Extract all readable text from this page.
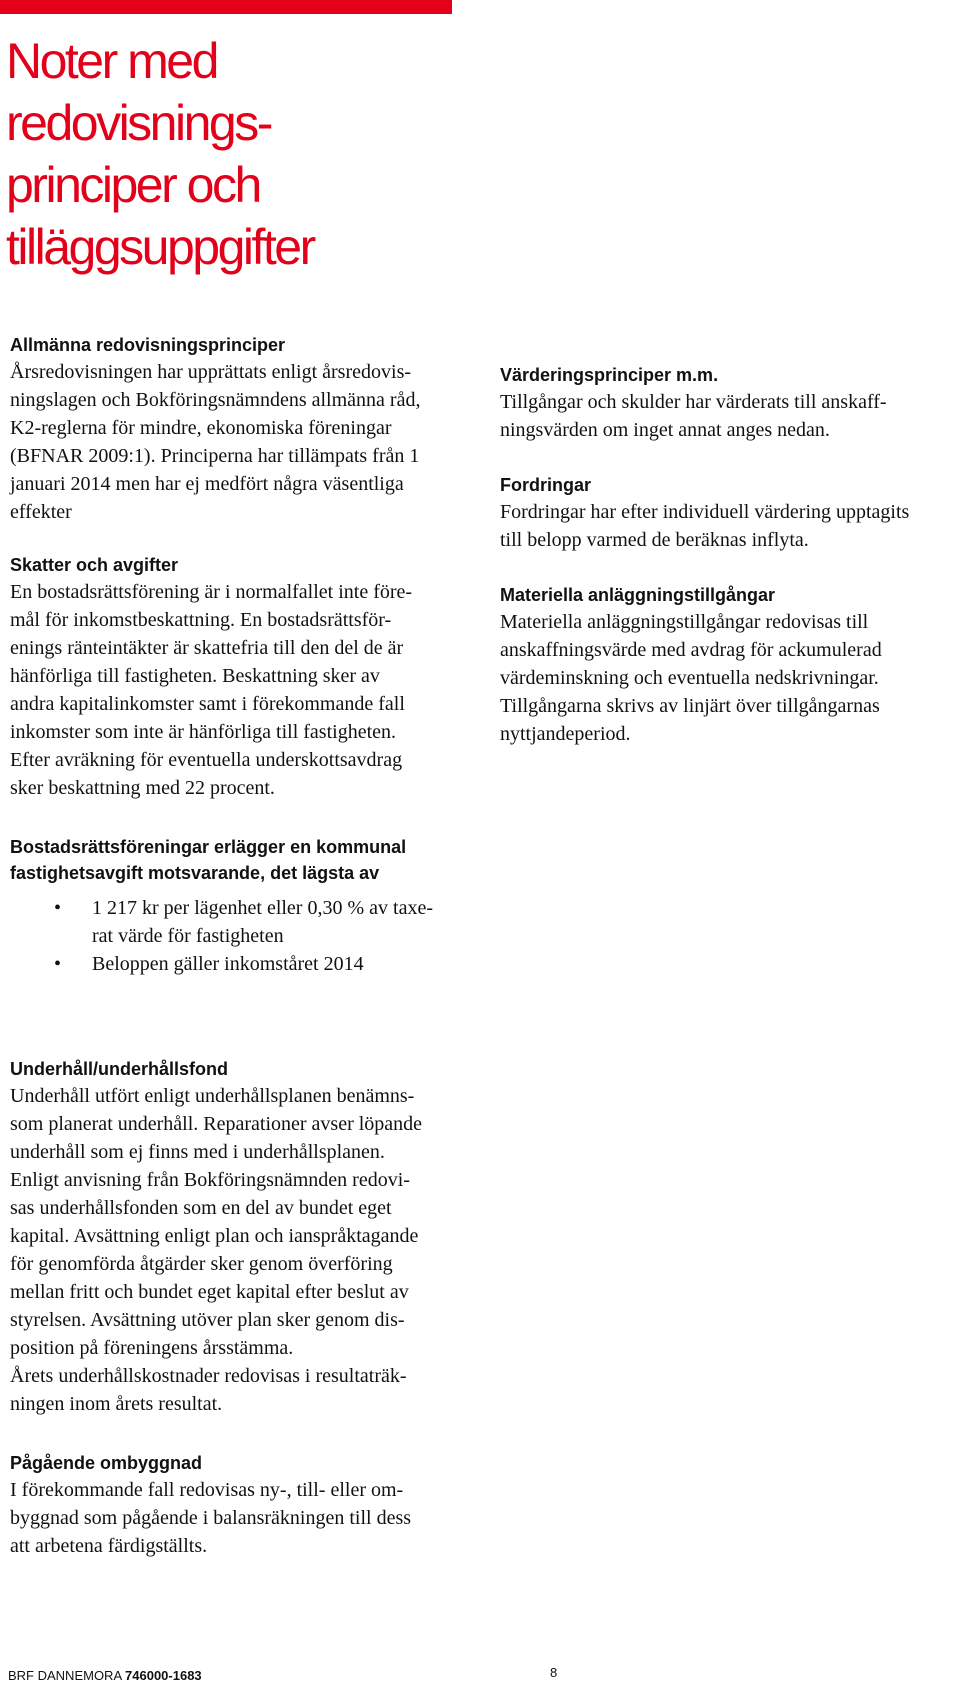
Noter med
redovisnings-
principer och
tilläggsuppgifter
Allmänna redovisningsprinciper
Årsredovisningen har upprättats enligt årsredovis-
ningslagen och Bokföringsnämndens allmänna råd,
K2-reglerna för mindre, ekonomiska föreningar
(BFNAR 2009:1). Principerna har tillämpats från 1
januari 2014 men har ej medfört några väsentliga
effekter
Skatter och avgifter
En bostadsrättsförening är i normalfallet inte före-
mål för inkomstbeskattning. En bostadsrättsför-
enings ränteintäkter är skattefria till den del de är
hänförliga till fastigheten. Beskattning sker av
andra kapitalinkomster samt i förekommande fall
inkomster som inte är hänförliga till fastigheten.
Efter avräkning för eventuella underskottsavdrag
sker beskattning med 22 procent.
Bostadsrättsföreningar erlägger en kommunal
fastighetsavgift motsvarande, det lägsta av
• 1 217 kr per lägenhet eller 0,30 % av taxe-
rat värde för fastigheten
• Beloppen gäller inkomståret 2014
Underhåll/underhållsfond
Underhåll utfört enligt underhållsplanen benämns-
som planerat underhåll. Reparationer avser löpande
underhåll som ej finns med i underhållsplanen.
Enligt anvisning från Bokföringsnämnden redovi-
sas underhållsfonden som en del av bundet eget
kapital. Avsättning enligt plan och ianspråktagande
för genomförda åtgärder sker genom överföring
mellan fritt och bundet eget kapital efter beslut av
styrelsen. Avsättning utöver plan sker genom dis-
position på föreningens årsstämma.
Årets underhållskostnader redovisas i resultaträk-
ningen inom årets resultat.
Pågående ombyggnad
I förekommande fall redovisas ny-, till- eller om-
byggnad som pågående i balansräkningen till dess
att arbetena färdigställts.
Värderingsprinciper m.m.
Tillgångar och skulder har värderats till anskaff-
ningsvärden om inget annat anges nedan.
Fordringar
Fordringar har efter individuell värdering upptagits
till belopp varmed de beräknas inflyta.
Materiella anläggningstillgångar
Materiella anläggningstillgångar redovisas till
anskaffningsvärde med avdrag för ackumulerad
värdeminskning och eventuella nedskrivningar.
Tillgångarna skrivs av linjärt över tillgångarnas
nyttjandeperiod.
BRF DANNEMORA 746000-1683	8
